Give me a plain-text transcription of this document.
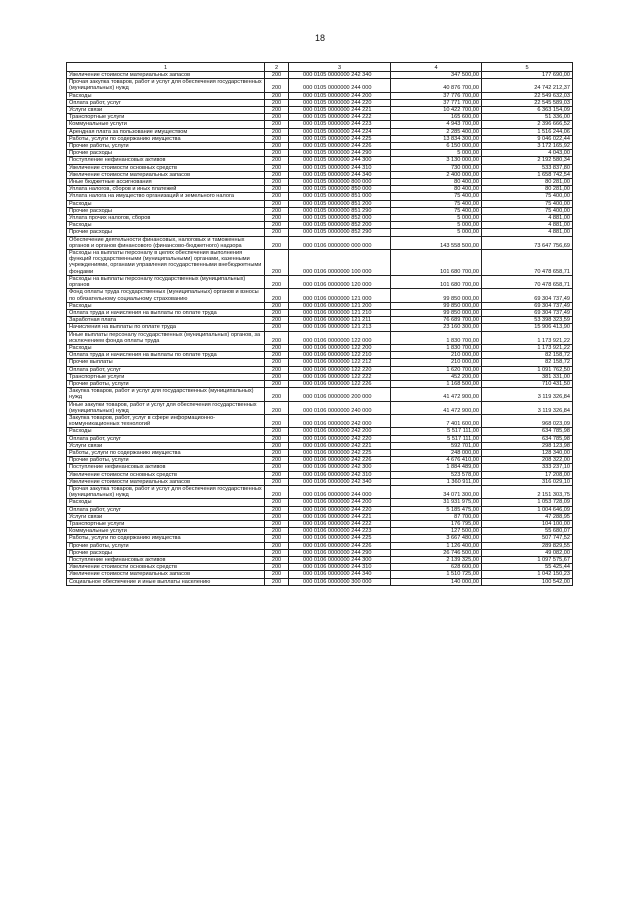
18
1	2	3	4	5
Увеличение стоимости материальных запасов	200	000 0105 0000000 242 340	347 500,00	177 690,00
Прочая закупка товаров, работ и услуг для обеспечения государственных (муниципальных) нужд	200	000 0105 0000000 244 000	40 876 700,00	24 742 212,37
Расходы	200	000 0105 0000000 244 200	37 776 700,00	22 549 632,03
Оплата работ, услуг	200	000 0105 0000000 244 220	37 771 700,00	22 545 589,03
Услуги связи	200	000 0105 0000000 244 221	10 422 700,00	6 363 154,09
Транспортные услуги	200	000 0105 0000000 244 222	165 600,00	51 336,00
Коммунальные услуги	200	000 0105 0000000 244 223	4 943 700,00	2 396 666,52
Арендная плата за пользование имуществом	200	000 0105 0000000 244 224	2 285 400,00	1 516 244,06
Работы, услуги по содержанию имущества	200	000 0105 0000000 244 225	13 834 300,00	9 046 022,44
Прочие работы, услуги	200	000 0105 0000000 244 226	6 150 000,00	3 172 165,92
Прочие расходы	200	000 0105 0000000 244 290	5 000,00	4 043,00
Поступление нефинансовых активов	200	000 0105 0000000 244 300	3 130 000,00	2 192 580,34
Увеличение стоимости основных средств	200	000 0105 0000000 244 310	730 000,00	533 837,80
Увеличение стоимости материальных запасов	200	000 0105 0000000 244 340	2 400 000,00	1 658 742,54
Иные бюджетные ассигнования	200	000 0105 0000000 800 000	80 400,00	80 281,00
Уплата налогов, сборов и иных платежей	200	000 0105 0000000 850 000	80 400,00	80 281,00
Уплата налога на имущество организаций и земельного налога	200	000 0105 0000000 851 000	75 400,00	75 400,00
Расходы	200	000 0105 0000000 851 200	75 400,00	75 400,00
Прочие расходы	200	000 0105 0000000 851 290	75 400,00	75 400,00
Уплата прочих налогов, сборов	200	000 0105 0000000 852 000	5 000,00	4 881,00
Расходы	200	000 0105 0000000 852 200	5 000,00	4 881,00
Прочие расходы	200	000 0105 0000000 852 290	5 000,00	4 881,00
Обеспечение деятельности финансовых, налоговых и таможенных органов и органов финансового (финансово-бюджетного) надзора	200	000 0106 0000000 000 000	143 558 500,00	73 647 756,69
Расходы на выплаты персоналу в целях обеспечения выполнения функций государственными (муниципальными) органами, казенными учреждениями, органами управления государственными внебюджетными фондами	200	000 0106 0000000 100 000	101 680 700,00	70 478 658,71
Расходы на выплаты персоналу государственных (муниципальных) органов	200	000 0106 0000000 120 000	101 680 700,00	70 478 658,71
Фонд оплаты труда государственных (муниципальных) органов и взносы по обязательному социальному страхованию	200	000 0106 0000000 121 000	99 850 000,00	69 304 737,49
Расходы	200	000 0106 0000000 121 200	99 850 000,00	69 304 737,49
Оплата труда и начисления на выплаты по оплате труда	200	000 0106 0000000 121 210	99 850 000,00	69 304 737,49
Заработная плата	200	000 0106 0000000 121 211	76 689 700,00	53 398 323,59
Начисления на выплаты по оплате труда	200	000 0106 0000000 121 213	23 160 300,00	15 906 413,90
Иные выплаты персоналу государственных (муниципальных) органов, за исключением фонда оплаты труда	200	000 0106 0000000 122 000	1 830 700,00	1 173 921,22
Расходы	200	000 0106 0000000 122 200	1 830 700,00	1 173 921,22
Оплата труда и начисления на выплаты по оплате труда	200	000 0106 0000000 122 210	210 000,00	82 158,72
Прочие выплаты	200	000 0106 0000000 122 212	210 000,00	82 158,72
Оплата работ, услуг	200	000 0106 0000000 122 220	1 620 700,00	1 091 762,50
Транспортные услуги	200	000 0106 0000000 122 222	452 200,00	381 331,00
Прочие работы, услуги	200	000 0106 0000000 122 226	1 168 500,00	710 431,50
Закупка товаров, работ и услуг для государственных (муниципальных) нужд	200	000 0106 0000000 200 000	41 472 900,00	3 119 326,84
Иные закупки товаров, работ и услуг для обеспечения государственных (муниципальных) нужд	200	000 0106 0000000 240 000	41 472 900,00	3 119 326,84
Закупка товаров, работ, услуг в сфере информационно-коммуникационных технологий	200	000 0106 0000000 242 000	7 401 600,00	968 023,09
Расходы	200	000 0106 0000000 242 200	5 517 111,00	634 785,98
Оплата работ, услуг	200	000 0106 0000000 242 220	5 517 111,00	634 785,98
Услуги связи	200	000 0106 0000000 242 221	592 701,00	298 123,98
Работы, услуги по содержанию имущества	200	000 0106 0000000 242 225	248 000,00	128 340,00
Прочие работы, услуги	200	000 0106 0000000 242 226	4 676 410,00	208 322,00
Поступление нефинансовых активов	200	000 0106 0000000 242 300	1 884 489,00	333 237,10
Увеличение стоимости основных средств	200	000 0106 0000000 242 310	523 578,00	17 208,00
Увеличение стоимости материальных запасов	200	000 0106 0000000 242 340	1 360 911,00	316 029,10
Прочая закупка товаров, работ и услуг для обеспечения государственных (муниципальных) нужд	200	000 0106 0000000 244 000	34 071 300,00	2 151 303,75
Расходы	200	000 0106 0000000 244 200	31 931 975,00	1 053 728,09
Оплата работ, услуг	200	000 0106 0000000 244 220	5 185 475,00	1 004 646,09
Услуги связи	200	000 0106 0000000 244 221	87 700,00	47 288,95
Транспортные услуги	200	000 0106 0000000 244 222	176 795,00	104 100,00
Коммунальные услуги	200	000 0106 0000000 244 223	127 500,00	55 680,07
Работы, услуги по содержанию имущества	200	000 0106 0000000 244 225	3 667 480,00	507 747,52
Прочие работы, услуги	200	000 0106 0000000 244 226	1 126 400,00	289 829,55
Прочие расходы	200	000 0106 0000000 244 290	26 746 500,00	49 082,00
Поступление нефинансовых активов	200	000 0106 0000000 244 300	2 139 325,00	1 097 575,67
Увеличение стоимости основных средств	200	000 0106 0000000 244 310	628 600,00	55 425,44
Увеличение стоимости материальных запасов	200	000 0106 0000000 244 340	1 510 725,00	1 042 150,23
Социальное обеспечение и иные выплаты населению	200	000 0106 0000000 300 000	140 000,00	100 542,00
